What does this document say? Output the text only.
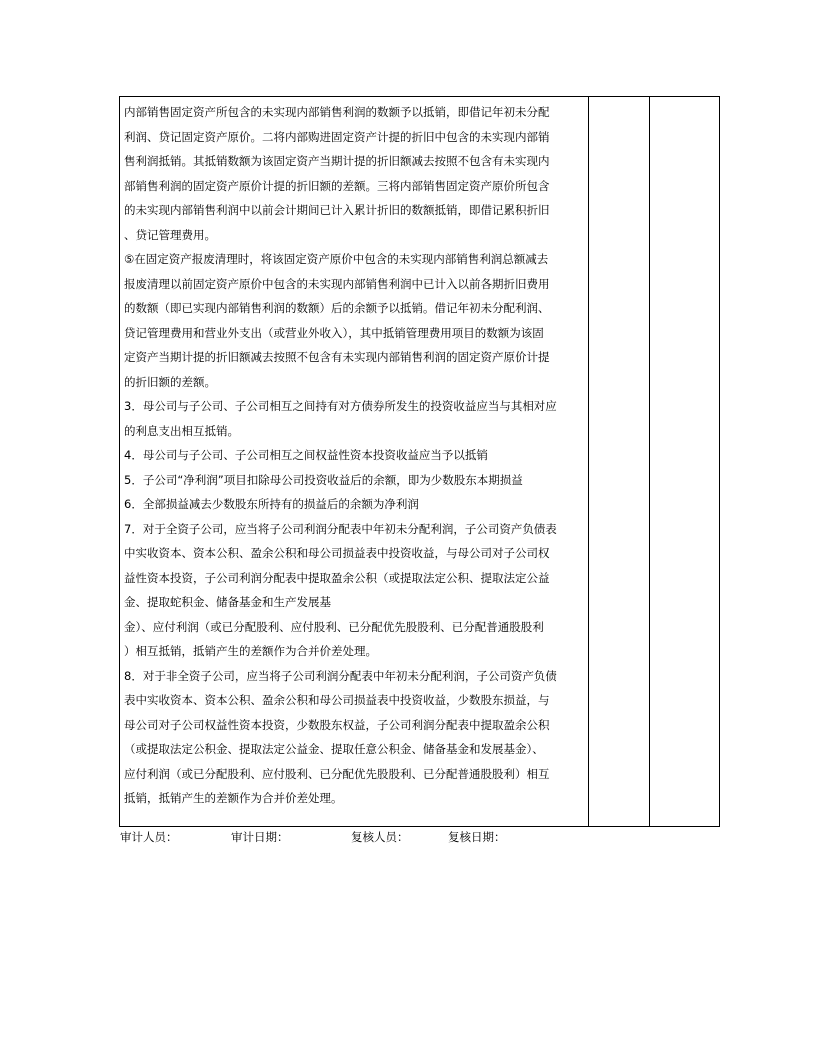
内部销售固定资产所包含的未实现内部销售利润的数额予以抵销，即借记年初未分配

利润、贷记固定资产原价。二将内部购进固定资产计提的折旧中包含的未实现内部销

售利润抵销。其抵销数额为该固定资产当期计提的折旧额减去按照不包含有未实现内

部销售利润的固定资产原价计提的折旧额的差额。三将内部销售固定资产原价所包含

的未实现内部销售利润中以前会计期间已计入累计折旧的数额抵销，即借记累积折旧

、贷记管理费用。

⑤在固定资产报废清理时，将该固定资产原价中包含的未实现内部销售利润总额减去

报废清理以前固定资产原价中包含的未实现内部销售利润中已计入以前各期折旧费用

的数额（即已实现内部销售利润的数额）后的余额予以抵销。借记年初未分配利润、

贷记管理费用和营业外支出（或营业外收入），其中抵销管理费用项目的数额为该固

定资产当期计提的折旧额减去按照不包含有未实现内部销售利润的固定资产原价计提

的折旧额的差额。

3．母公司与子公司、子公司相互之间持有对方债券所发生的投资收益应当与其相对应

的利息支出相互抵销。

4．母公司与子公司、子公司相互之间权益性资本投资收益应当予以抵销

5．子公司“净利润”项目扣除母公司投资收益后的余额，即为少数股东本期损益

6．全部损益减去少数股东所持有的损益后的余额为净利润

7．对于全资子公司，应当将子公司利润分配表中年初未分配利润，子公司资产负债表

中实收资本、资本公积、盈余公积和母公司损益表中投资收益，与母公司对子公司权

益性资本投资，子公司利润分配表中提取盈余公积（或提取法定公积、提取法定公益

金、提取蛇积金、储备基金和生产发展基

金）、应付利润（或已分配股利、应付股利、已分配优先股股利、已分配普通股股利

）相互抵销，抵销产生的差额作为合并价差处理。

8．对于非全资子公司，应当将子公司利润分配表中年初未分配利润，子公司资产负债

表中实收资本、资本公积、盈余公积和母公司损益表中投资收益，少数股东损益，与

母公司对子公司权益性资本投资，少数股东权益，子公司利润分配表中提取盈余公积

（或提取法定公积金、提取法定公益金、提取任意公积金、储备基金和发展基金）、

应付利润（或已分配股利、应付股利、已分配优先股股利、已分配普通股股利）相互

抵销，抵销产生的差额作为合并价差处理。

审计人员：	审计日期：	复核人员：	复核日期：
